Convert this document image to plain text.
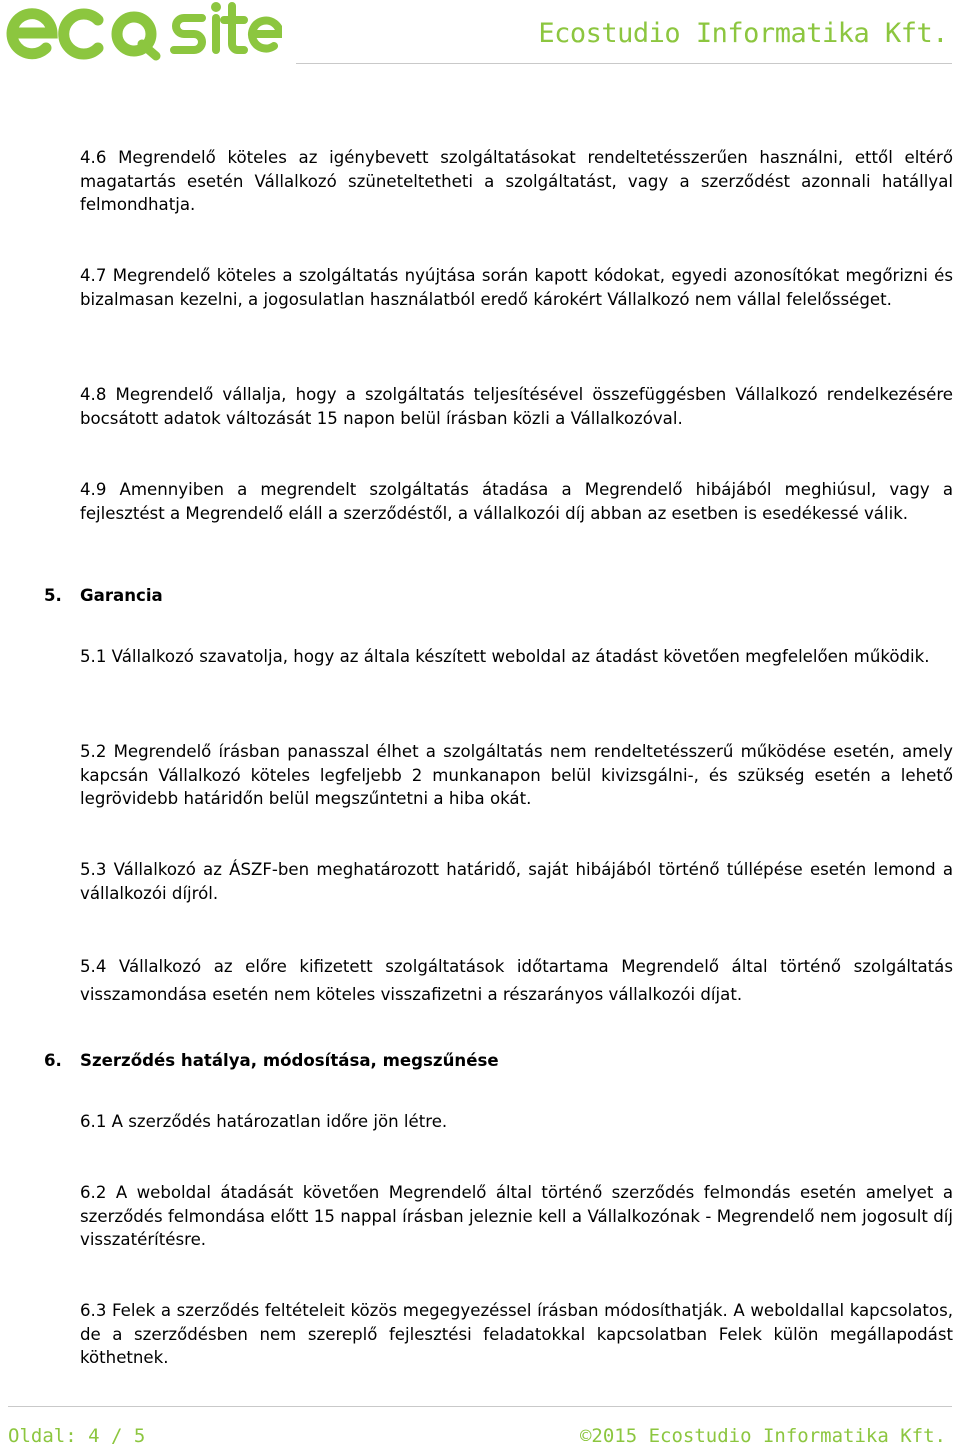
Ecostudio Informatika Kft.
4.6 Megrendelő köteles az igénybevett szolgáltatásokat rendeltetésszerűen használni, ettől eltérő magatartás esetén Vállalkozó szüneteltetheti a szolgáltatást, vagy a szerződést azonnali hatállyal felmondhatja.
4.7 Megrendelő köteles a szolgáltatás nyújtása során kapott kódokat, egyedi azonosítókat megőrizni és bizalmasan kezelni, a jogosulatlan használatból eredő károkért Vállalkozó nem vállal felelősséget.
4.8 Megrendelő vállalja, hogy a szolgáltatás teljesítésével összefüggésben Vállalkozó rendelkezésére bocsátott adatok változását 15 napon belül írásban közli a Vállalkozóval.
4.9 Amennyiben a megrendelt szolgáltatás átadása a Megrendelő hibájából meghiúsul, vagy a fejlesztést a Megrendelő eláll a szerződéstől, a vállalkozói díj abban az esetben is esedékessé válik.
5. Garancia
5.1 Vállalkozó szavatolja, hogy az általa készített weboldal az átadást követően megfelelően működik.
5.2 Megrendelő írásban panasszal élhet a szolgáltatás nem rendeltetésszerű működése esetén, amely kapcsán Vállalkozó köteles legfeljebb 2 munkanapon belül kivizsgálni-, és szükség esetén a lehető legrövidebb határidőn belül megszűntetni a hiba okát.
5.3 Vállalkozó az ÁSZF-ben meghatározott határidő, saját hibájából történő túllépése esetén lemond a vállalkozói díjról.
5.4 Vállalkozó az előre kifizetett szolgáltatások időtartama Megrendelő által történő szolgáltatás visszamondása esetén nem köteles visszafizetni a részarányos vállalkozói díjat.
6. Szerződés hatálya, módosítása, megszűnése
6.1 A szerződés határozatlan időre jön létre.
6.2 A weboldal átadását követően Megrendelő által történő szerződés felmondás esetén amelyet a szerződés felmondása előtt 15 nappal írásban jeleznie kell a Vállalkozónak - Megrendelő nem jogosult díj visszatérítésre.
6.3 Felek a szerződés feltételeit közös megegyezéssel írásban módosíthatják. A weboldallal kapcsolatos, de a szerződésben nem szereplő fejlesztési feladatokkal kapcsolatban Felek külön megállapodást köthetnek.
Oldal: 4 / 5	©2015 Ecostudio Informatika Kft.
